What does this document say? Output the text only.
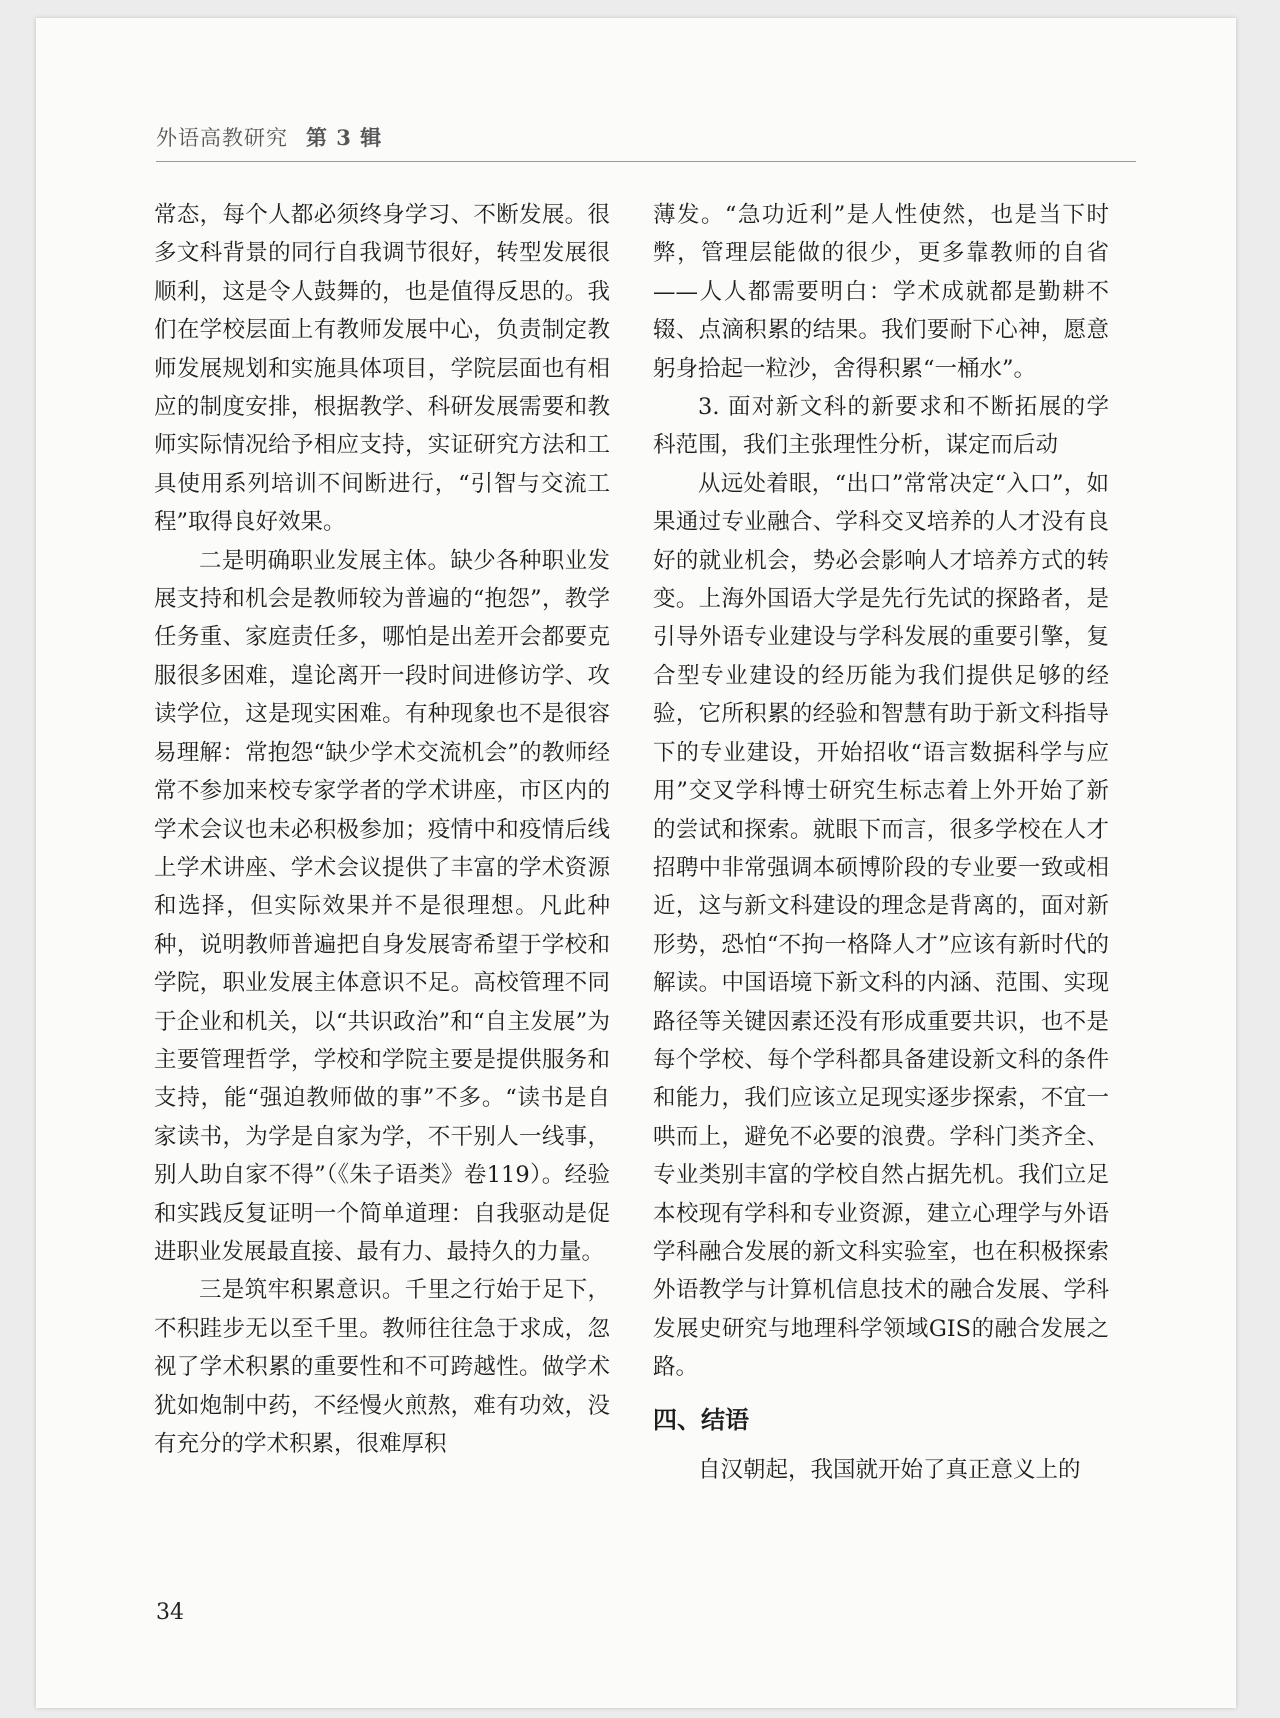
外语高教研究 第 3 辑

常态，每个人都必须终身学习、不断发展。很多文科背景的同行自我调节很好，转型发展很顺利，这是令人鼓舞的，也是值得反思的。我们在学校层面上有教师发展中心，负责制定教师发展规划和实施具体项目，学院层面也有相应的制度安排，根据教学、科研发展需要和教师实际情况给予相应支持，实证研究方法和工具使用系列培训不间断进行，“引智与交流工程”取得良好效果。

二是明确职业发展主体。缺少各种职业发展支持和机会是教师较为普遍的“抱怨”，教学任务重、家庭责任多，哪怕是出差开会都要克服很多困难，遑论离开一段时间进修访学、攻读学位，这是现实困难。有种现象也不是很容易理解：常抱怨“缺少学术交流机会”的教师经常不参加来校专家学者的学术讲座，市区内的学术会议也未必积极参加；疫情中和疫情后线上学术讲座、学术会议提供了丰富的学术资源和选择，但实际效果并不是很理想。凡此种种，说明教师普遍把自身发展寄希望于学校和学院，职业发展主体意识不足。高校管理不同于企业和机关，以“共识政治”和“自主发展”为主要管理哲学，学校和学院主要是提供服务和支持，能“强迫教师做的事”不多。“读书是自家读书，为学是自家为学，不干别人一线事，别人助自家不得”（《朱子语类》卷119）。经验和实践反复证明一个简单道理：自我驱动是促进职业发展最直接、最有力、最持久的力量。

三是筑牢积累意识。千里之行始于足下，不积跬步无以至千里。教师往往急于求成，忽视了学术积累的重要性和不可跨越性。做学术犹如炮制中药，不经慢火煎熬，难有功效，没有充分的学术积累，很难厚积

薄发。“急功近利”是人性使然，也是当下时弊，管理层能做的很少，更多靠教师的自省——人人都需要明白：学术成就都是勤耕不辍、点滴积累的结果。我们要耐下心神，愿意躬身拾起一粒沙，舍得积累“一桶水”。

3. 面对新文科的新要求和不断拓展的学科范围，我们主张理性分析，谋定而后动

从远处着眼，“出口”常常决定“入口”，如果通过专业融合、学科交叉培养的人才没有良好的就业机会，势必会影响人才培养方式的转变。上海外国语大学是先行先试的探路者，是引导外语专业建设与学科发展的重要引擎，复合型专业建设的经历能为我们提供足够的经验，它所积累的经验和智慧有助于新文科指导下的专业建设，开始招收“语言数据科学与应用”交叉学科博士研究生标志着上外开始了新的尝试和探索。就眼下而言，很多学校在人才招聘中非常强调本硕博阶段的专业要一致或相近，这与新文科建设的理念是背离的，面对新形势，恐怕“不拘一格降人才”应该有新时代的解读。中国语境下新文科的内涵、范围、实现路径等关键因素还没有形成重要共识，也不是每个学校、每个学科都具备建设新文科的条件和能力，我们应该立足现实逐步探索，不宜一哄而上，避免不必要的浪费。学科门类齐全、专业类别丰富的学校自然占据先机。我们立足本校现有学科和专业资源，建立心理学与外语学科融合发展的新文科实验室，也在积极探索外语教学与计算机信息技术的融合发展、学科发展史研究与地理科学领域GIS的融合发展之路。

四、结语

自汉朝起，我国就开始了真正意义上的

34
